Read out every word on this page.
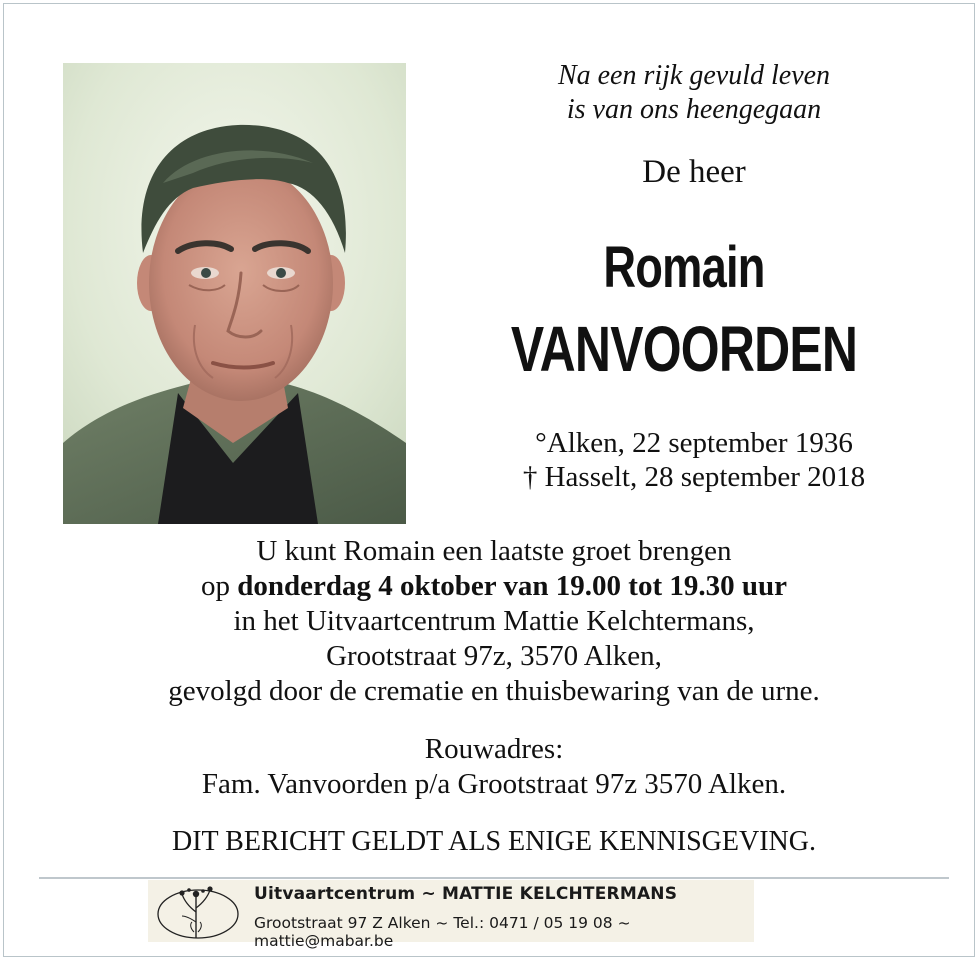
Na een rijk gevuld leven
is van ons heengegaan
De heer
Romain
VANVOORDEN
°Alken, 22 september 1936
† Hasselt, 28 september 2018
U kunt Romain een laatste groet brengen
op donderdag 4 oktober van 19.00 tot 19.30 uur
in het Uitvaartcentrum Mattie Kelchtermans,
Grootstraat 97z, 3570 Alken,
gevolgd door de crematie en thuisbewaring van de urne.
Rouwadres:
Fam. Vanvoorden p/a Grootstraat 97z 3570 Alken.
DIT BERICHT GELDT ALS ENIGE KENNISGEVING.
Uitvaartcentrum ~ MATTIE KELCHTERMANS
Grootstraat 97 Z Alken ~ Tel.: 0471 / 05 19 08 ~ mattie@mabar.be
